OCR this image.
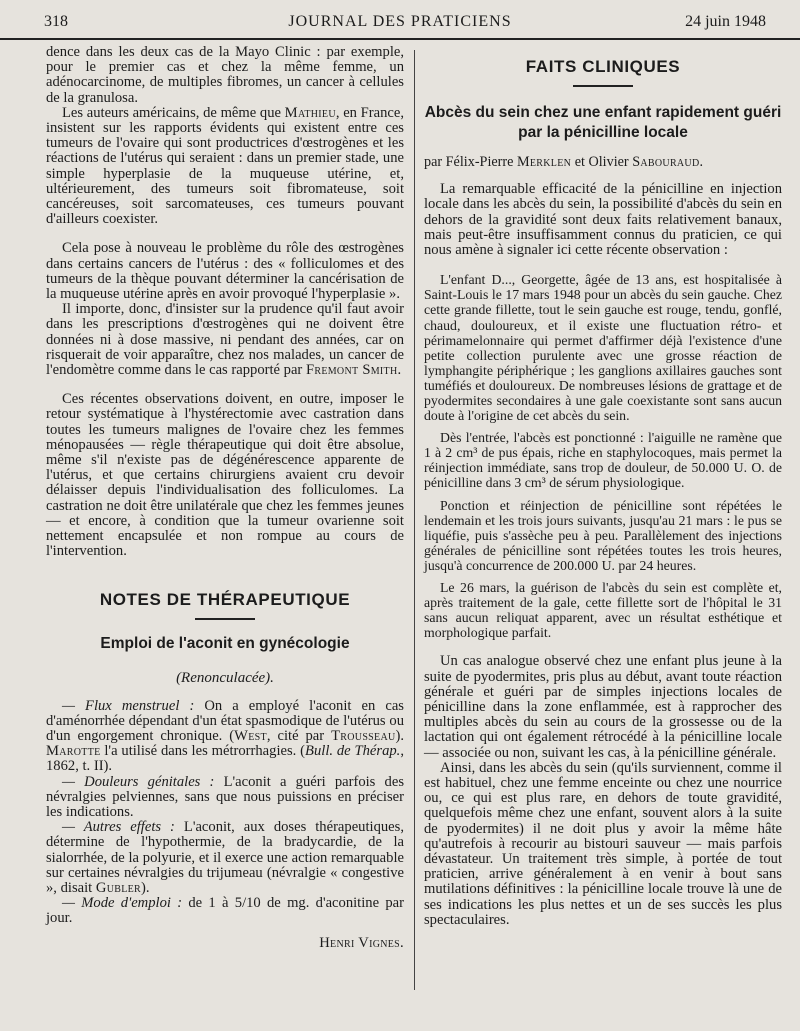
318	JOURNAL DES PRATICIENS	24 juin 1948

dence dans les deux cas de la Mayo Clinic : par exemple, pour le premier cas et chez la même femme, un adénocarcinome, de multiples fibromes, un cancer à cellules de la granulosa.

Les auteurs américains, de même que Mathieu, en France, insistent sur les rapports évidents qui existent entre ces tumeurs de l'ovaire qui sont productrices d'œstrogènes et les réactions de l'utérus qui seraient : dans un premier stade, une simple hyperplasie de la muqueuse utérine, et, ultérieurement, des tumeurs soit fibromateuse, soit cancéreuses, soit sarcomateuses, ces tumeurs pouvant d'ailleurs coexister.

Cela pose à nouveau le problème du rôle des œstrogènes dans certains cancers de l'utérus : des « folliculomes et des tumeurs de la thèque pouvant déterminer la cancérisation de la muqueuse utérine après en avoir provoqué l'hyperplasie ».

Il importe, donc, d'insister sur la prudence qu'il faut avoir dans les prescriptions d'œstrogènes qui ne doivent être données ni à dose massive, ni pendant des années, car on risquerait de voir apparaître, chez nos malades, un cancer de l'endomètre comme dans le cas rapporté par Fremont Smith.

Ces récentes observations doivent, en outre, imposer le retour systématique à l'hystérectomie avec castration dans toutes les tumeurs malignes de l'ovaire chez les femmes ménopausées — règle thérapeutique qui doit être absolue, même s'il n'existe pas de dégénérescence apparente de l'utérus, et que certains chirurgiens avaient cru devoir délaisser depuis l'individualisation des folliculomes. La castration ne doit être unilatérale que chez les femmes jeunes — et encore, à condition que la tumeur ovarienne soit nettement encapsulée et non rompue au cours de l'intervention.

NOTES DE THÉRAPEUTIQUE
Emploi de l'aconit en gynécologie
(Renonculacée).

— Flux menstruel : On a employé l'aconit en cas d'aménorrhée dépendant d'un état spasmodique de l'utérus ou d'un engorgement chronique. (West, cité par Trousseau). Marotte l'a utilisé dans les métrorrhagies. (Bull. de Thérap., 1862, t. II).

— Douleurs génitales : L'aconit a guéri parfois des névralgies pelviennes, sans que nous puissions en préciser les indications.

— Autres effets : L'aconit, aux doses thérapeutiques, détermine de l'hypothermie, de la bradycardie, de la sialorrhée, de la polyurie, et il exerce une action remarquable sur certaines névralgies du trijumeau (névralgie « congestive », disait Gubler).

— Mode d'emploi : de 1 à 5/10 de mg. d'aconitine par jour.

Henri Vignes.
FAITS CLINIQUES
Abcès du sein chez une enfant rapidement guéri par la pénicilline locale

par Félix-Pierre Merklen et Olivier Sabouraud.

La remarquable efficacité de la pénicilline en injection locale dans les abcès du sein, la possibilité d'abcès du sein en dehors de la gravidité sont deux faits relativement banaux, mais peut-être insuffisamment connus du praticien, ce qui nous amène à signaler ici cette récente observation :

L'enfant D..., Georgette, âgée de 13 ans, est hospitalisée à Saint-Louis le 17 mars 1948 pour un abcès du sein gauche. Chez cette grande fillette, tout le sein gauche est rouge, tendu, gonflé, chaud, douloureux, et il existe une fluctuation rétro- et périmamelonnaire qui permet d'affirmer déjà l'existence d'une petite collection purulente avec une grosse réaction de lymphangite périphérique ; les ganglions axillaires gauches sont tuméfiés et douloureux. De nombreuses lésions de grattage et de pyodermites secondaires à une gale coexistante sont sans aucun doute à l'origine de cet abcès du sein.

Dès l'entrée, l'abcès est ponctionné : l'aiguille ne ramène que 1 à 2 cm³ de pus épais, riche en staphylocoques, mais permet la réinjection immédiate, sans trop de douleur, de 50.000 U. O. de pénicilline dans 3 cm³ de sérum physiologique.

Ponction et réinjection de pénicilline sont répétées le lendemain et les trois jours suivants, jusqu'au 21 mars : le pus se liquéfie, puis s'assèche peu à peu. Parallèlement des injections générales de pénicilline sont répétées toutes les trois heures, jusqu'à concurrence de 200.000 U. par 24 heures.

Le 26 mars, la guérison de l'abcès du sein est complète et, après traitement de la gale, cette fillette sort de l'hôpital le 31 sans aucun reliquat apparent, avec un résultat esthétique et morphologique parfait.

Un cas analogue observé chez une enfant plus jeune à la suite de pyodermites, pris plus au début, avant toute réaction générale et guéri par de simples injections locales de pénicilline dans la zone enflammée, est à rapprocher des multiples abcès du sein au cours de la grossesse ou de la lactation qui ont également rétrocédé à la pénicilline locale — associée ou non, suivant les cas, à la pénicilline générale.

Ainsi, dans les abcès du sein (qu'ils surviennent, comme il est habituel, chez une femme enceinte ou chez une nourrice ou, ce qui est plus rare, en dehors de toute gravidité, quelquefois même chez une enfant, souvent alors à la suite de pyodermites) il ne doit plus y avoir la même hâte qu'autrefois à recourir au bistouri sauveur — mais parfois dévastateur. Un traitement très simple, à portée de tout praticien, arrive généralement à en venir à bout sans mutilations définitives : la pénicilline locale trouve là une de ses indications les plus nettes et un de ses succès les plus spectaculaires.
